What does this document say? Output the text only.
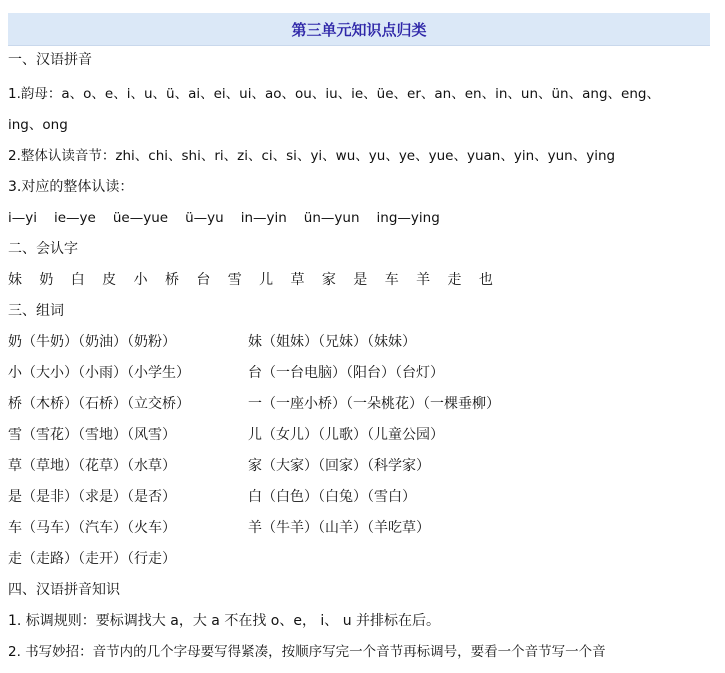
第三单元知识点归类
一、汉语拼音
1.韵母：a、o、e、i、u、ü、ai、ei、ui、ao、ou、iu、ie、üe、er、an、en、in、un、ün、ang、eng、
ing、ong
2.整体认读音节：zhi、chi、shi、ri、zi、ci、si、yi、wu、yu、ye、yue、yuan、yin、yun、ying
3.对应的整体认读：
i—yi ie—ye üe—yue ü—yu in—yin ün—yun ing—ying
二、会认字
妹 奶 白 皮 小 桥 台 雪 儿 草 家 是 车 羊 走 也
三、组词
奶（牛奶）（奶油）（奶粉）	妹（姐妹）（兄妹）（妹妹）
小（大小）（小雨）（小学生）	台（一台电脑）（阳台）（台灯）
桥（木桥）（石桥）（立交桥）	一（一座小桥）（一朵桃花）（一棵垂柳）
雪（雪花）（雪地）（风雪）	儿（女儿）（儿歌）（儿童公园）
草（草地）（花草）（水草）	家（大家）（回家）（科学家）
是（是非）（求是）（是否）	白（白色）（白兔）（雪白）
车（马车）（汽车）（火车）	羊（牛羊）（山羊）（羊吃草）
走（走路）（走开）（行走）
四、汉语拼音知识
1. 标调规则：要标调找大 a，大 a 不在找 o、e， i、 u 并排标在后。
2. 书写妙招：音节内的几个字母要写得紧凑，按顺序写完一个音节再标调号，要看一个音节写一个音
